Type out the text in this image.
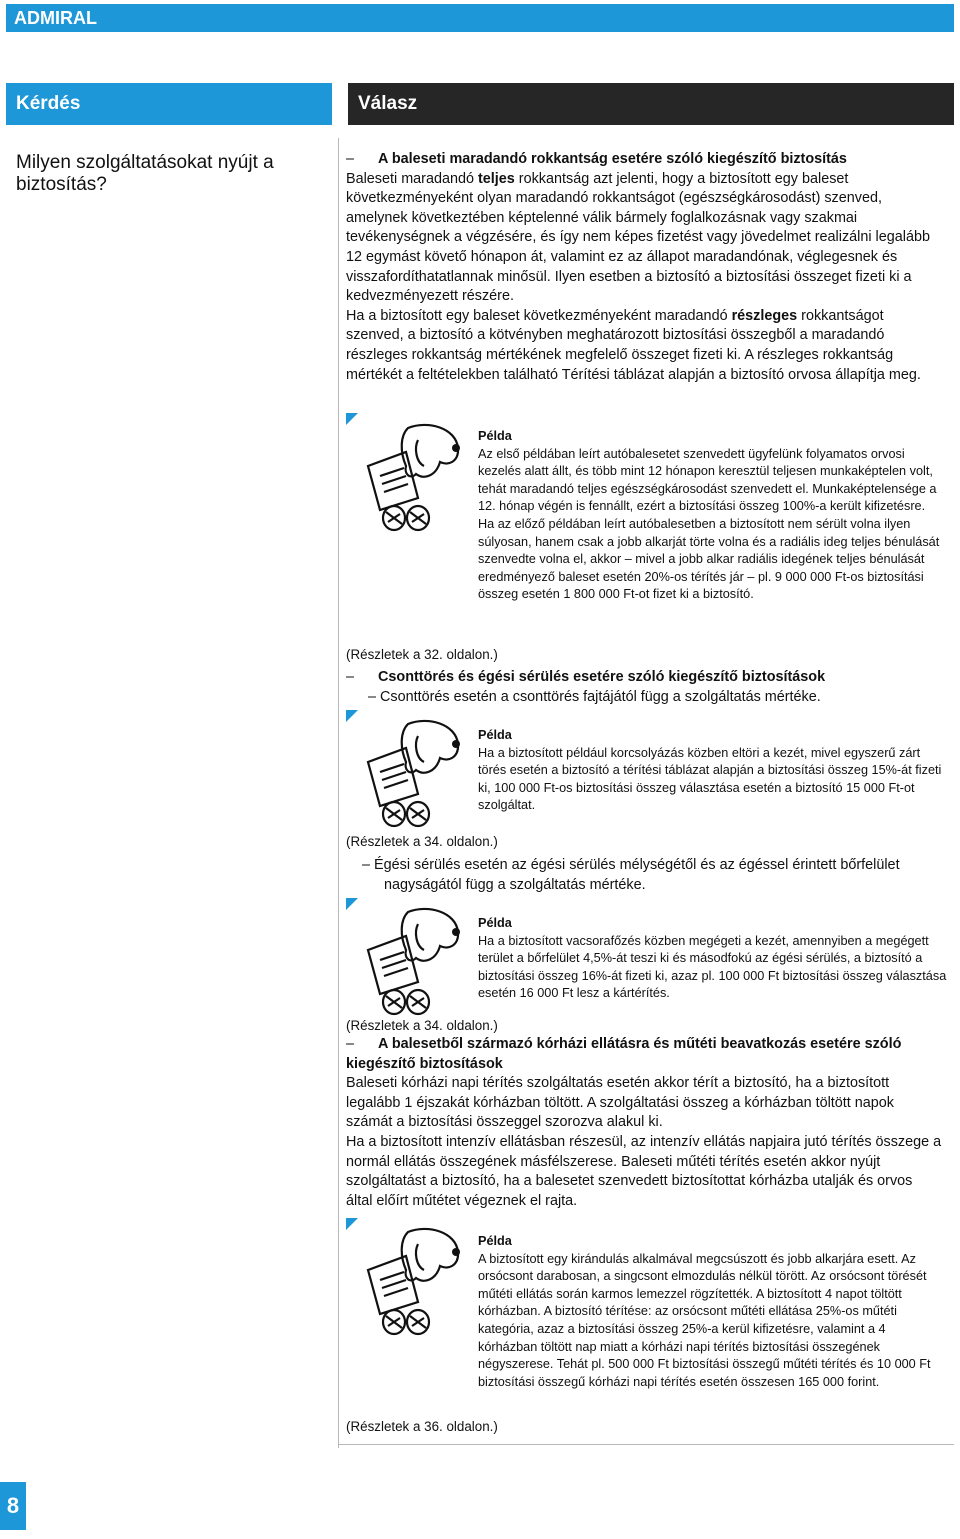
ADMIRAL
Kérdés	Válasz
Milyen szolgáltatásokat nyújt a biztosítás?
– A baleseti maradandó rokkantság esetére szóló kiegészítő biztosítás
Baleseti maradandó teljes rokkantság azt jelenti, hogy a biztosított egy baleset következményeként olyan maradandó rokkantságot (egészségkárosodást) szenved, amelynek következtében képtelenné válik bármely foglalkozásnak vagy szakmai tevékenységnek a végzésére, és így nem képes fizetést vagy jövedelmet realizálni legalább 12 egymást követő hónapon át, valamint ez az állapot maradandónak, véglegesnek és visszafordíthatatlannak minősül. Ilyen esetben a biztosító a biztosítási összeget fizeti ki a kedvezményezett részére.
Ha a biztosított egy baleset következményeként maradandó részleges rokkantságot szenved, a biztosító a kötvényben meghatározott biztosítási összegből a maradandó részleges rokkantság mértékének megfelelő összeget fizeti ki. A részleges rokkantság mértékét a feltételekben található Térítési táblázat alapján a biztosító orvosa állapítja meg.
Példa
Az első példában leírt autóbalesetet szenvedett ügyfelünk folyamatos orvosi kezelés alatt állt, és több mint 12 hónapon keresztül teljesen munkaképtelen volt, tehát maradandó teljes egészségkárosodást szenvedett el. Munkaképtelensége a 12. hónap végén is fennállt, ezért a biztosítási összeg 100%-a került kifizetésre.
Ha az előző példában leírt autóbalesetben a biztosított nem sérült volna ilyen súlyosan, hanem csak a jobb alkarját törte volna és a radiális ideg teljes bénulását szenvedte volna el, akkor – mivel a jobb alkar radiális idegének teljes bénulását eredményező baleset esetén 20%-os térítés jár – pl. 9 000 000 Ft-os biztosítási összeg esetén 1 800 000 Ft-ot fizet ki a biztosító.
(Részletek a 32. oldalon.)
– Csonttörés és égési sérülés esetére szóló kiegészítő biztosítások
– Csonttörés esetén a csonttörés fajtájától függ a szolgáltatás mértéke.
Példa
Ha a biztosított például korcsolyázás közben eltöri a kezét, mivel egyszerű zárt törés esetén a biztosító a térítési táblázat alapján a biztosítási összeg 15%-át fizeti ki, 100 000 Ft-os biztosítási összeg választása esetén a biztosító 15 000 Ft-ot szolgáltat.
(Részletek a 34. oldalon.)
– Égési sérülés esetén az égési sérülés mélységétől és az égéssel érintett bőrfelület nagyságától függ a szolgáltatás mértéke.
Példa
Ha a biztosított vacsorafőzés közben megégeti a kezét, amennyiben a megégett terület a bőrfelület 4,5%-át teszi ki és másodfokú az égési sérülés, a biztosító a biztosítási összeg 16%-át fizeti ki, azaz pl. 100 000 Ft biztosítási összeg választása esetén 16 000 Ft lesz a kártérítés.
(Részletek a 34. oldalon.)
– A balesetből származó kórházi ellátásra és műtéti beavatkozás esetére szóló kiegészítő biztosítások
Baleseti kórházi napi térítés szolgáltatás esetén akkor térít a biztosító, ha a biztosított legalább 1 éjszakát kórházban töltött. A szolgáltatási összeg a kórházban töltött napok számát a biztosítási összeggel szorozva alakul ki.
Ha a biztosított intenzív ellátásban részesül, az intenzív ellátás napjaira jutó térítés összege a normál ellátás összegének másfélszerese. Baleseti műtéti térítés esetén akkor nyújt szolgáltatást a biztosító, ha a balesetet szenvedett biztosítottat kórházba utalják és orvos által előírt műtétet végeznek el rajta.
Példa
A biztosított egy kirándulás alkalmával megcsúszott és jobb alkarjára esett. Az orsócsont darabosan, a singcsont elmozdulás nélkül törött. Az orsócsont törését műtéti ellátás során karmos lemezzel rögzítették. A biztosított 4 napot töltött kórházban. A biztosító térítése: az orsócsont műtéti ellátása 25%-os műtéti kategória, azaz a biztosítási összeg 25%-a kerül kifizetésre, valamint a 4 kórházban töltött nap miatt a kórházi napi térítés biztosítási összegének négyszerese. Tehát pl. 500 000 Ft biztosítási összegű műtéti térítés és 10 000 Ft biztosítási összegű kórházi napi térítés esetén összesen 165 000 forint.
(Részletek a 36. oldalon.)
8
